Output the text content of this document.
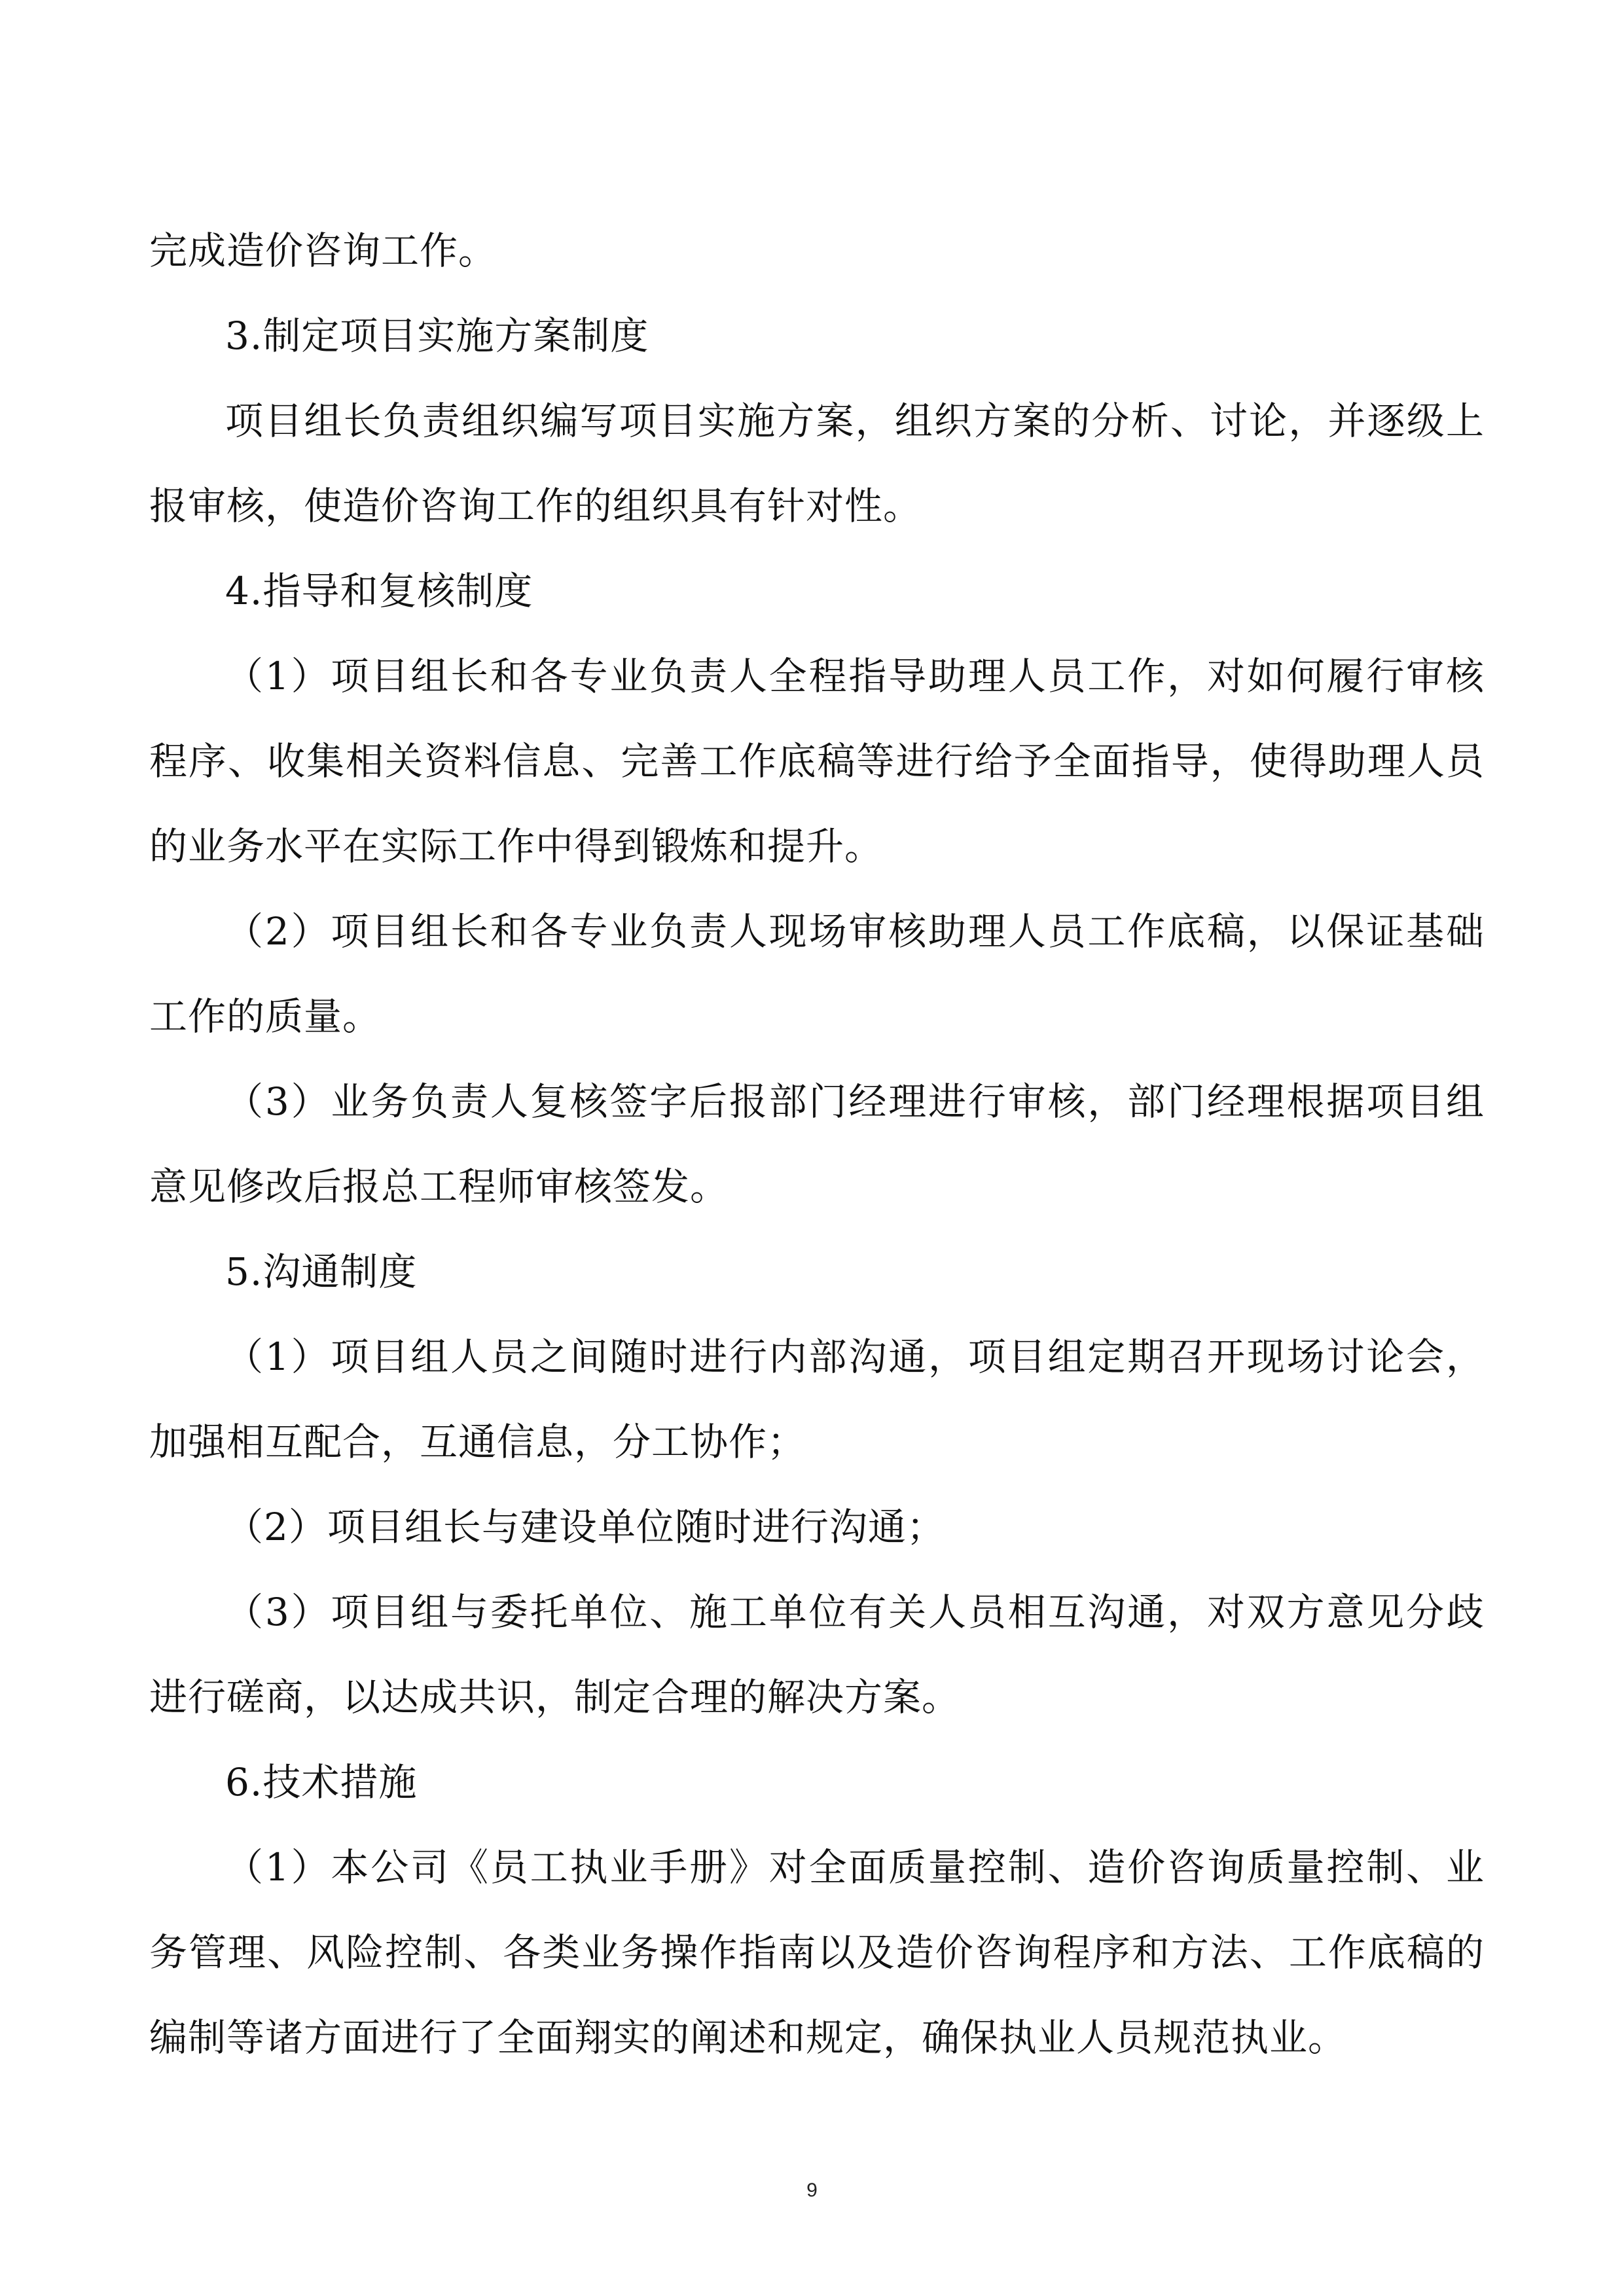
完成造价咨询工作。

3.制定项目实施方案制度

项目组长负责组织编写项目实施方案，组织方案的分析、讨论，并逐级上报审核，使造价咨询工作的组织具有针对性。

4.指导和复核制度

（1）项目组长和各专业负责人全程指导助理人员工作，对如何履行审核程序、收集相关资料信息、完善工作底稿等进行给予全面指导，使得助理人员的业务水平在实际工作中得到锻炼和提升。

（2）项目组长和各专业负责人现场审核助理人员工作底稿，以保证基础工作的质量。

（3）业务负责人复核签字后报部门经理进行审核，部门经理根据项目组意见修改后报总工程师审核签发。

5.沟通制度

（1）项目组人员之间随时进行内部沟通，项目组定期召开现场讨论会，加强相互配合，互通信息，分工协作；

（2）项目组长与建设单位随时进行沟通；

（3）项目组与委托单位、施工单位有关人员相互沟通，对双方意见分歧进行磋商，以达成共识，制定合理的解决方案。

6.技术措施

（1）本公司《员工执业手册》对全面质量控制、造价咨询质量控制、业务管理、风险控制、各类业务操作指南以及造价咨询程序和方法、工作底稿的编制等诸方面进行了全面翔实的阐述和规定，确保执业人员规范执业。

9
